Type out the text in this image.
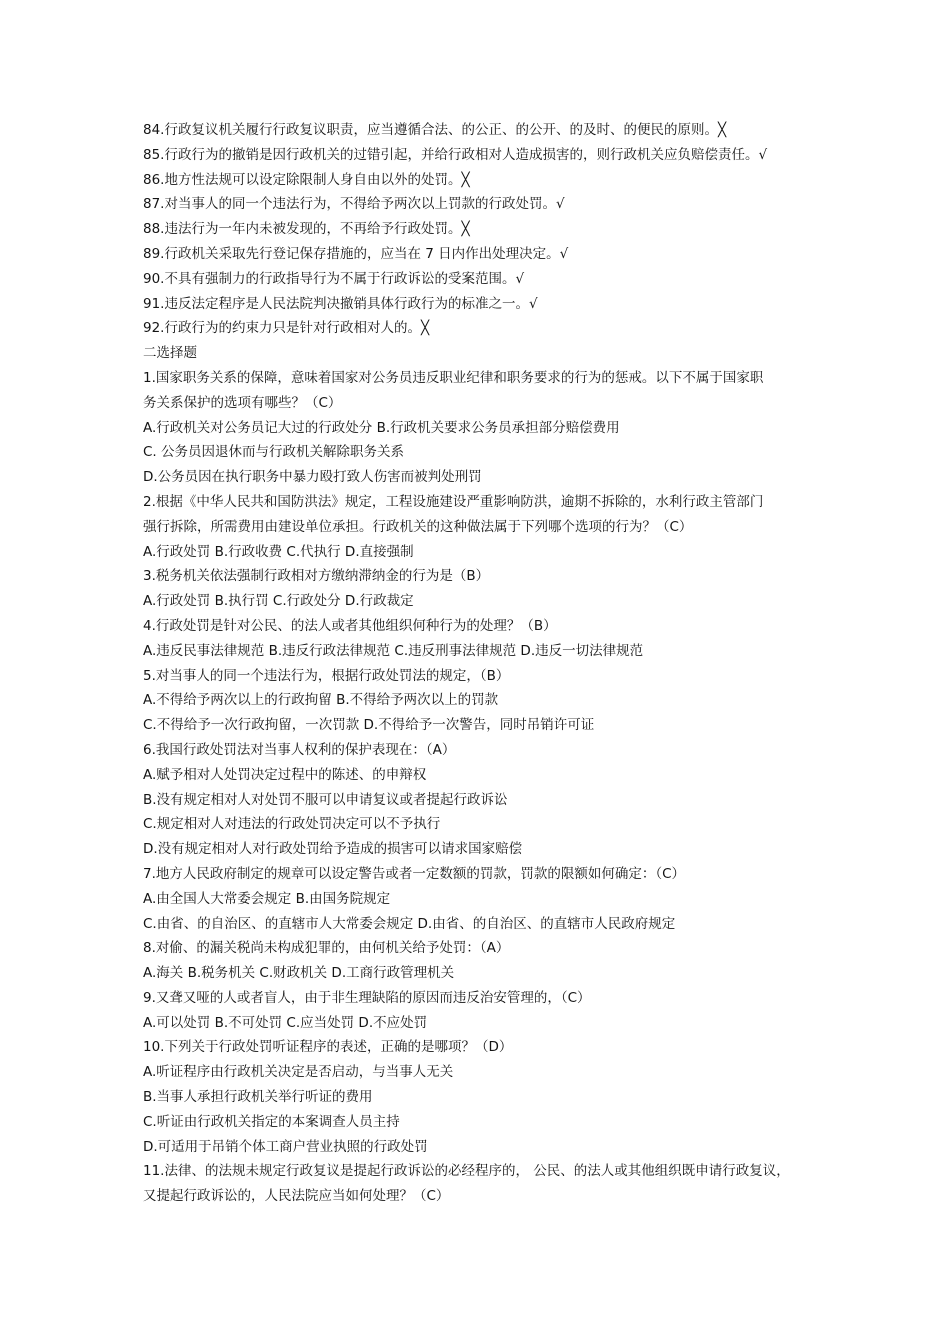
84.行政复议机关履行行政复议职责，应当遵循合法、的公正、的公开、的及时、的便民的原则。╳
85.行政行为的撤销是因行政机关的过错引起，并给行政相对人造成损害的，则行政机关应负赔偿责任。√
86.地方性法规可以设定除限制人身自由以外的处罚。╳
87.对当事人的同一个违法行为，不得给予两次以上罚款的行政处罚。√
88.违法行为一年内未被发现的，不再给予行政处罚。╳
89.行政机关采取先行登记保存措施的，应当在 7 日内作出处理决定。√
90.不具有强制力的行政指导行为不属于行政诉讼的受案范围。√
91.违反法定程序是人民法院判决撤销具体行政行为的标准之一。√
92.行政行为的约束力只是针对行政相对人的。╳
二选择题
1.国家职务关系的保障，意味着国家对公务员违反职业纪律和职务要求的行为的惩戒。以下不属于国家职
务关系保护的选项有哪些？（C）
A.行政机关对公务员记大过的行政处分 B.行政机关要求公务员承担部分赔偿费用
C. 公务员因退休而与行政机关解除职务关系
D.公务员因在执行职务中暴力殴打致人伤害而被判处刑罚
2.根据《中华人民共和国防洪法》规定，工程设施建设严重影响防洪，逾期不拆除的，水利行政主管部门
强行拆除，所需费用由建设单位承担。行政机关的这种做法属于下列哪个选项的行为？（C）
A.行政处罚 B.行政收费 C.代执行 D.直接强制
3.税务机关依法强制行政相对方缴纳滞纳金的行为是（B）
A.行政处罚 B.执行罚 C.行政处分 D.行政裁定
4.行政处罚是针对公民、的法人或者其他组织何种行为的处理？（B）
A.违反民事法律规范 B.违反行政法律规范 C.违反刑事法律规范 D.违反一切法律规范
5.对当事人的同一个违法行为，根据行政处罚法的规定，（B）
A.不得给予两次以上的行政拘留 B.不得给予两次以上的罚款
C.不得给予一次行政拘留，一次罚款 D.不得给予一次警告，同时吊销许可证
6.我国行政处罚法对当事人权利的保护表现在：（A）
A.赋予相对人处罚决定过程中的陈述、的申辩权
B.没有规定相对人对处罚不服可以申请复议或者提起行政诉讼
C.规定相对人对违法的行政处罚决定可以不予执行
D.没有规定相对人对行政处罚给予造成的损害可以请求国家赔偿
7.地方人民政府制定的规章可以设定警告或者一定数额的罚款，罚款的限额如何确定：（C）
A.由全国人大常委会规定 B.由国务院规定
C.由省、的自治区、的直辖市人大常委会规定 D.由省、的自治区、的直辖市人民政府规定
8.对偷、的漏关税尚未构成犯罪的，由何机关给予处罚：（A）
A.海关 B.税务机关 C.财政机关 D.工商行政管理机关
9.又聋又哑的人或者盲人，由于非生理缺陷的原因而违反治安管理的，（C）
A.可以处罚 B.不可处罚 C.应当处罚 D.不应处罚
10.下列关于行政处罚听证程序的表述，正确的是哪项？（D）
A.听证程序由行政机关决定是否启动，与当事人无关
B.当事人承担行政机关举行听证的费用
C.听证由行政机关指定的本案调查人员主持
D.可适用于吊销个体工商户营业执照的行政处罚
11.法律、的法规未规定行政复议是提起行政诉讼的必经程序的， 公民、的法人或其他组织既申请行政复议，
又提起行政诉讼的，人民法院应当如何处理？（C）
